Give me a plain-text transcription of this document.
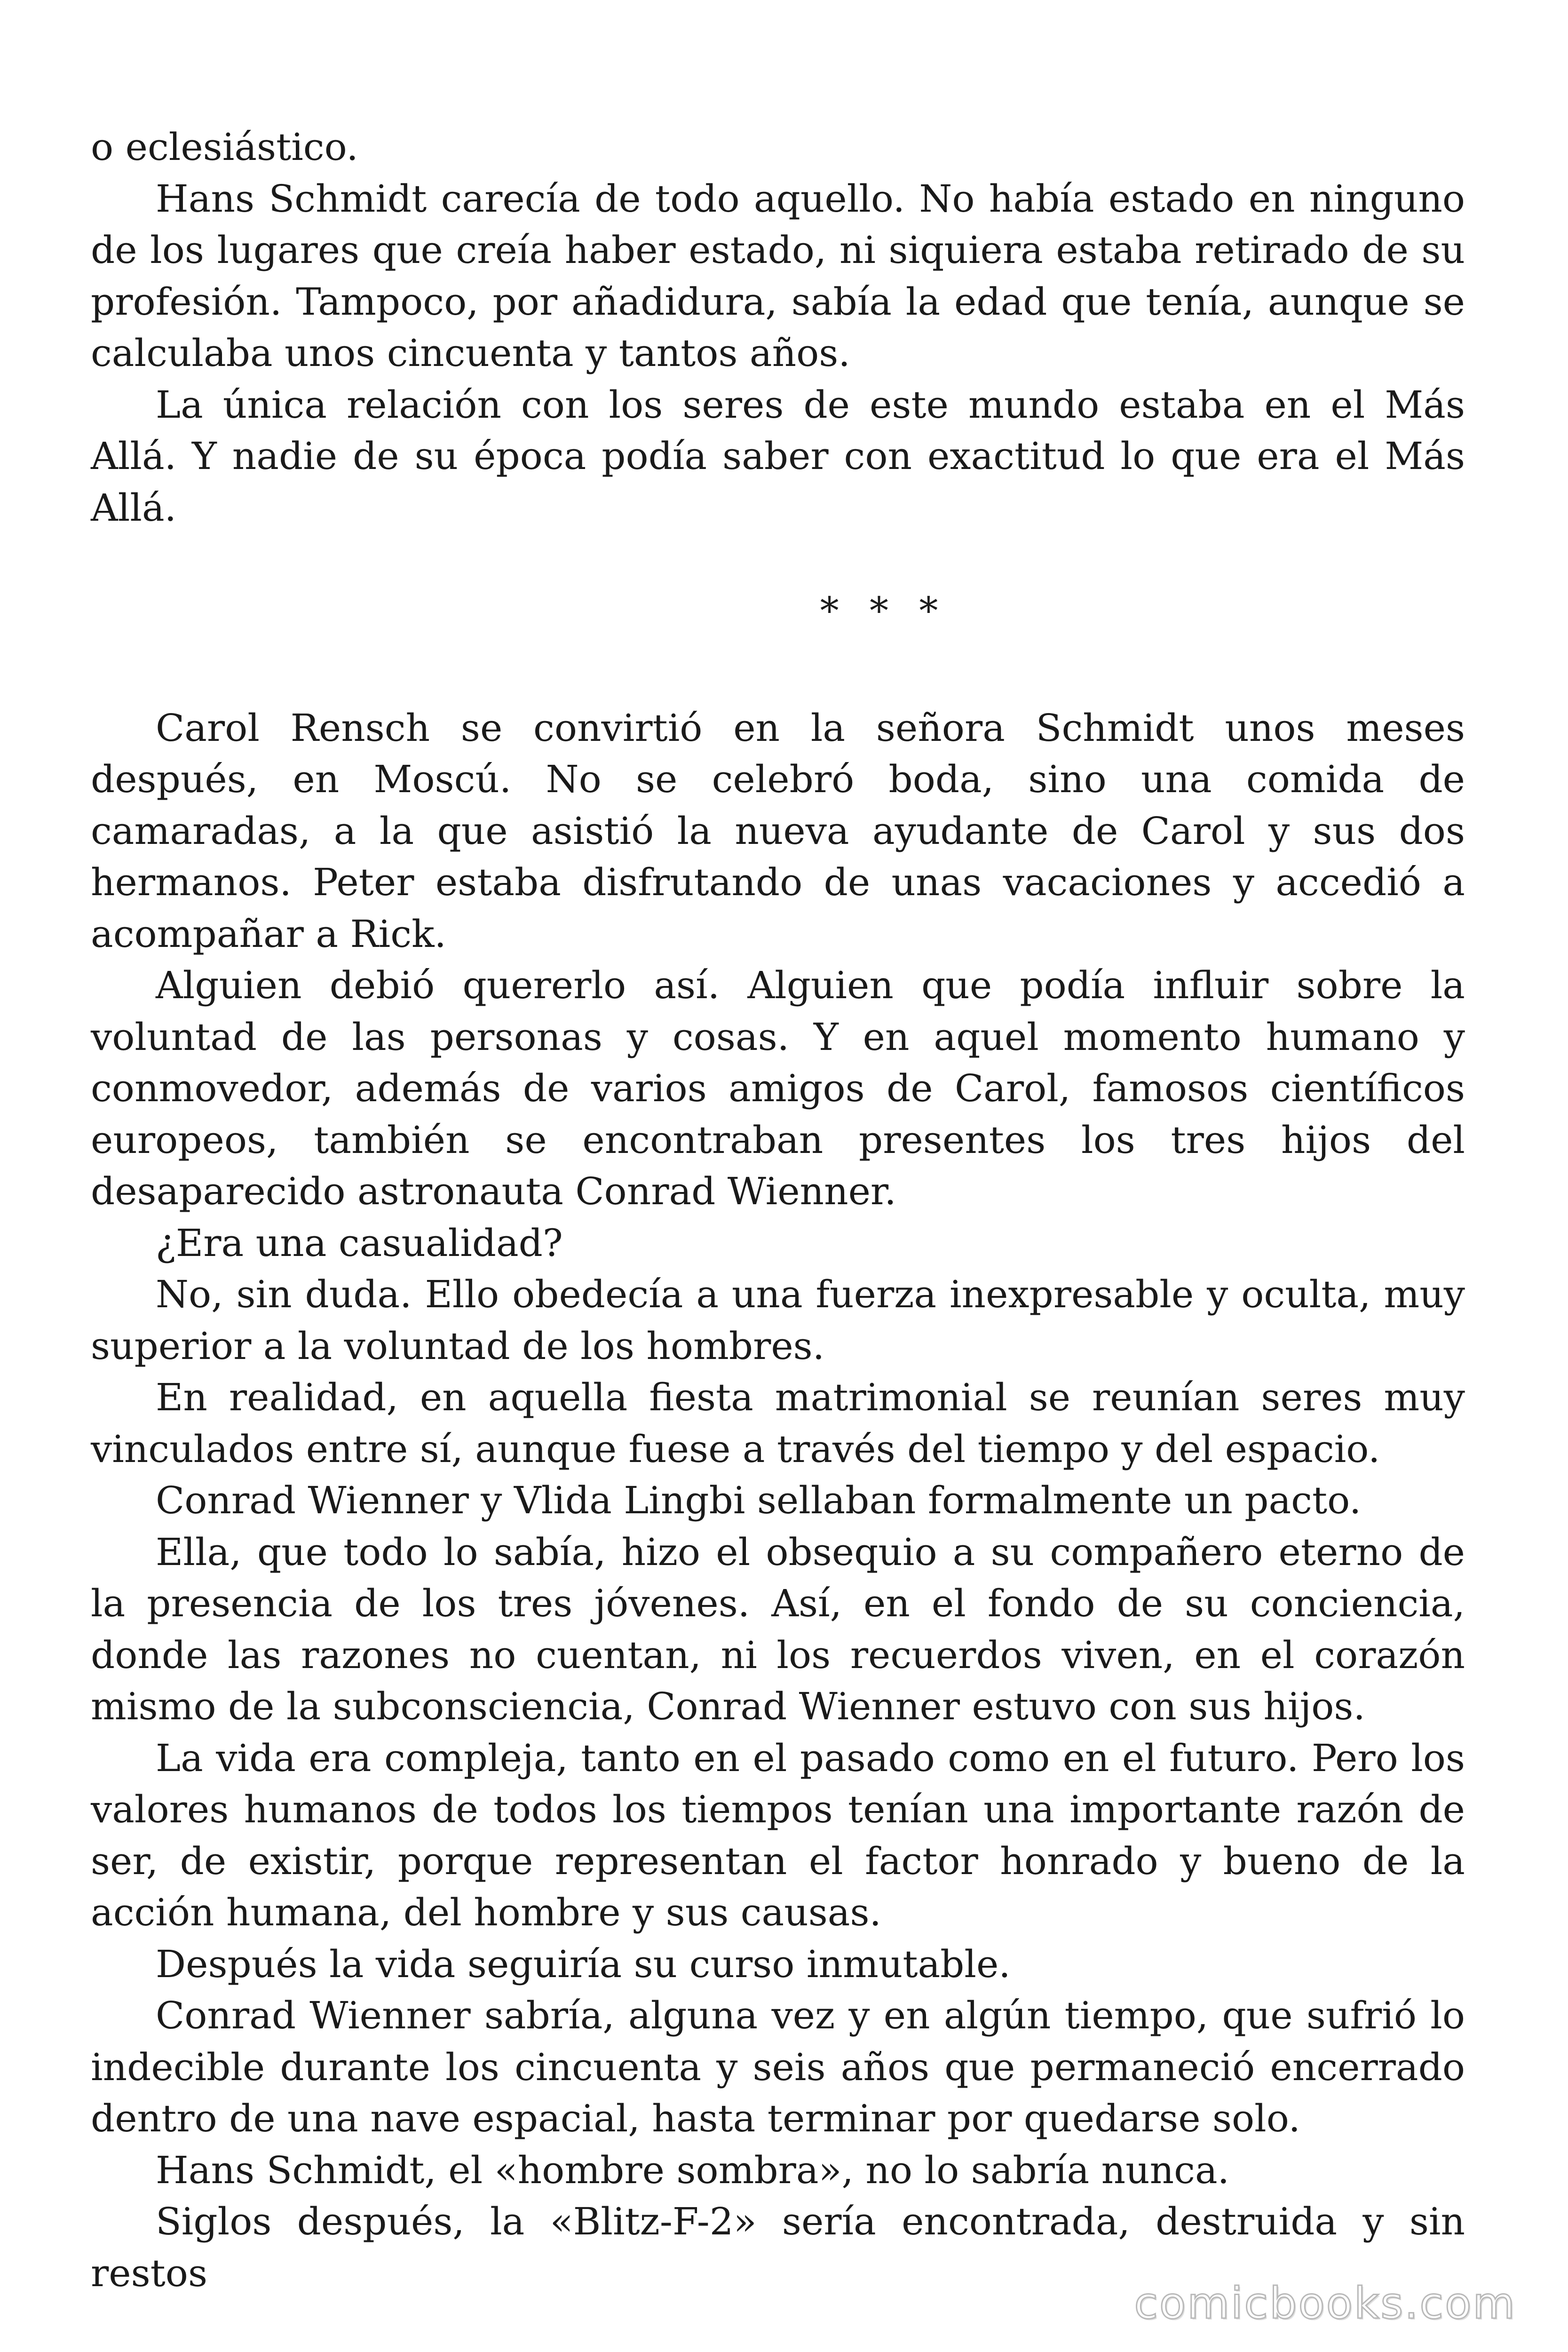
o eclesiástico.

Hans Schmidt carecía de todo aquello. No había estado en ninguno de los lugares que creía haber estado, ni siquiera estaba retirado de su profesión. Tampoco, por añadidura, sabía la edad que tenía, aunque se calculaba unos cincuenta y tantos años.

La única relación con los seres de este mundo estaba en el Más Allá. Y nadie de su época podía saber con exactitud lo que era el Más Allá.

* * *

Carol Rensch se convirtió en la señora Schmidt unos meses después, en Moscú. No se celebró boda, sino una comida de camaradas, a la que asistió la nueva ayudante de Carol y sus dos hermanos. Peter estaba disfrutando de unas vacaciones y accedió a acompañar a Rick.

Alguien debió quererlo así. Alguien que podía influir sobre la voluntad de las personas y cosas. Y en aquel momento humano y conmovedor, además de varios amigos de Carol, famosos científicos europeos, también se encontraban presentes los tres hijos del desaparecido astronauta Conrad Wienner.

¿Era una casualidad?

No, sin duda. Ello obedecía a una fuerza inexpresable y oculta, muy superior a la voluntad de los hombres.

En realidad, en aquella fiesta matrimonial se reunían seres muy vinculados entre sí, aunque fuese a través del tiempo y del espacio.

Conrad Wienner y Vlida Lingbi sellaban formalmente un pacto.

Ella, que todo lo sabía, hizo el obsequio a su compañero eterno de la presencia de los tres jóvenes. Así, en el fondo de su conciencia, donde las razones no cuentan, ni los recuerdos viven, en el corazón mismo de la subconsciencia, Conrad Wienner estuvo con sus hijos.

La vida era compleja, tanto en el pasado como en el futuro. Pero los valores humanos de todos los tiempos tenían una importante razón de ser, de existir, porque representan el factor honrado y bueno de la acción humana, del hombre y sus causas.

Después la vida seguiría su curso inmutable.

Conrad Wienner sabría, alguna vez y en algún tiempo, que sufrió lo indecible durante los cincuenta y seis años que permaneció encerrado dentro de una nave espacial, hasta terminar por quedarse solo.

Hans Schmidt, el «hombre sombra», no lo sabría nunca.

Siglos después, la «Blitz-F-2» sería encontrada, destruida y sin restos

comicbooks.com
